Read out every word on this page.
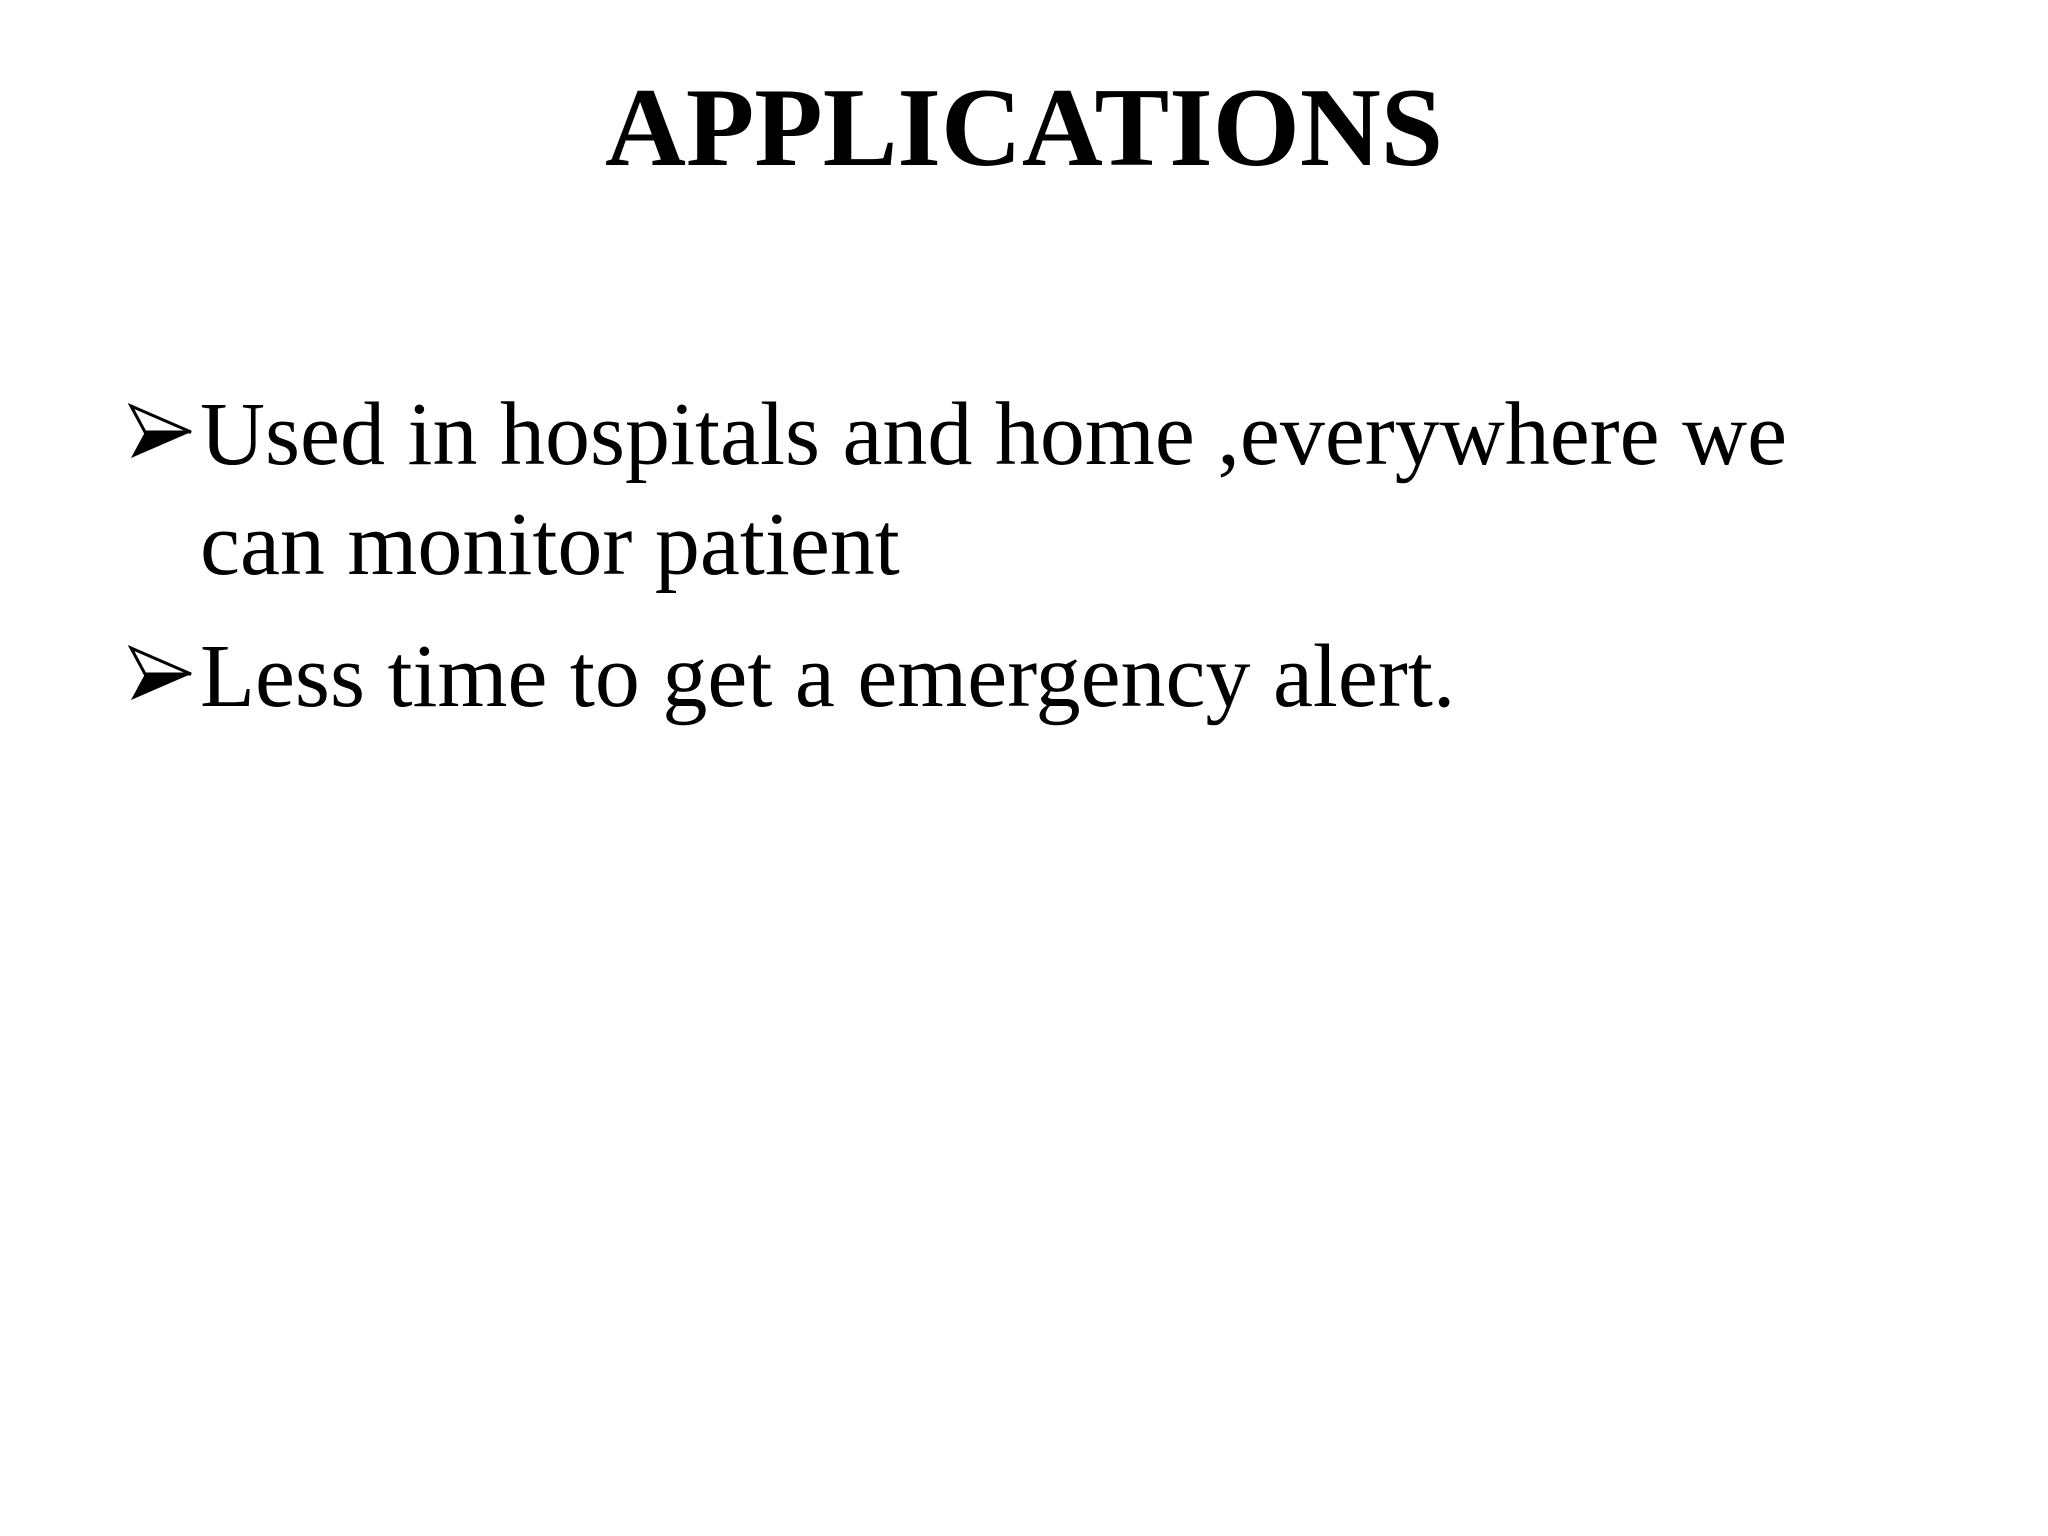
APPLICATIONS
Used in hospitals and home ,everywhere we can monitor patient
Less time to get a emergency alert.
